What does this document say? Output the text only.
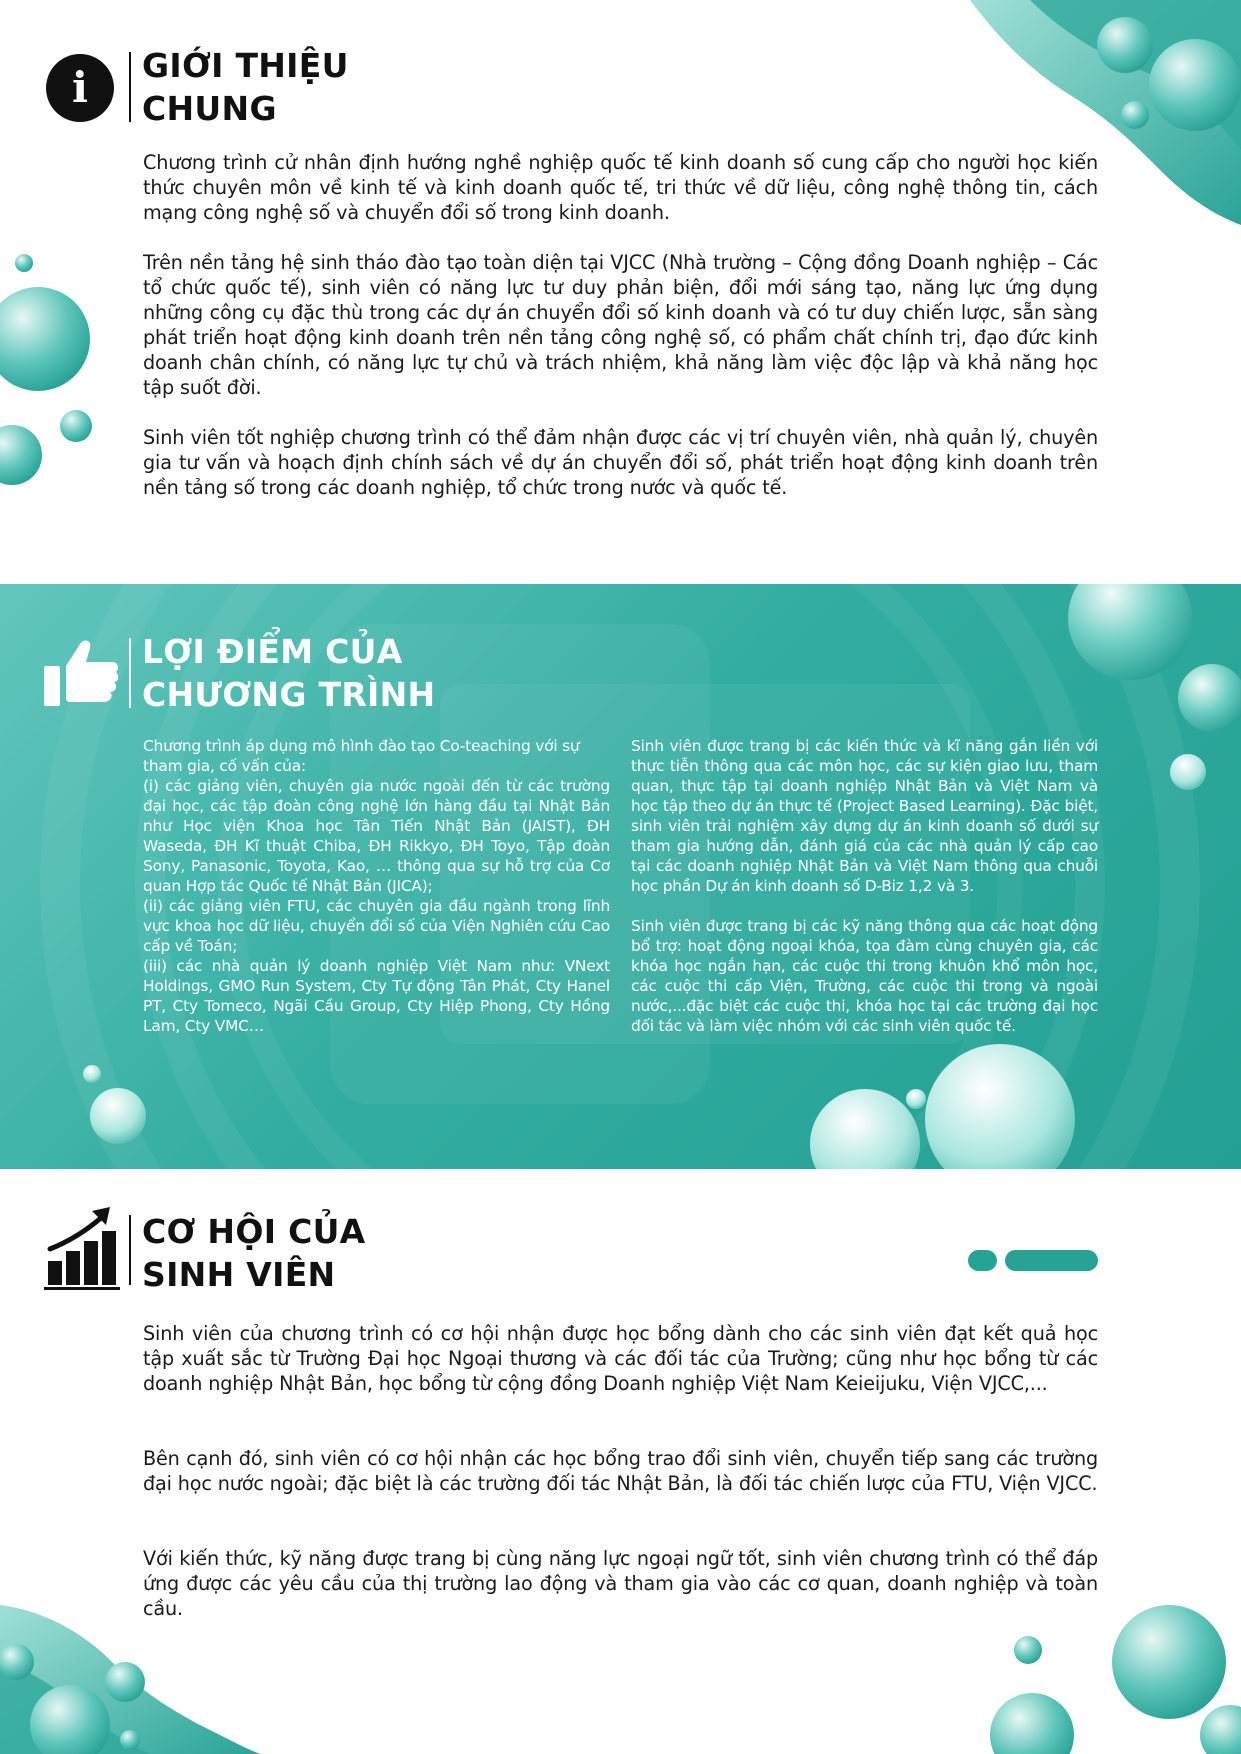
i	GIỚI THIỆU
CHUNG

Chương trình cử nhân định hướng nghề nghiệp quốc tế kinh doanh số cung cấp cho người học kiến thức chuyên môn về kinh tế và kinh doanh quốc tế, tri thức về dữ liệu, công nghệ thông tin, cách mạng công nghệ số và chuyển đổi số trong kinh doanh.

Trên nền tảng hệ sinh tháo đào tạo toàn diện tại VJCC (Nhà trường – Cộng đồng Doanh nghiệp – Các tổ chức quốc tế), sinh viên có năng lực tư duy phản biện, đổi mới sáng tạo, năng lực ứng dụng những công cụ đặc thù trong các dự án chuyển đổi số kinh doanh và có tư duy chiến lược, sẵn sàng phát triển hoạt động kinh doanh trên nền tảng công nghệ số, có phẩm chất chính trị, đạo đức kinh doanh chân chính, có năng lực tự chủ và trách nhiệm, khả năng làm việc độc lập và khả năng học tập suốt đời.

Sinh viên tốt nghiệp chương trình có thể đảm nhận được các vị trí chuyên viên, nhà quản lý, chuyên gia tư vấn và hoạch định chính sách về dự án chuyển đổi số, phát triển hoạt động kinh doanh trên nền tảng số trong các doanh nghiệp, tổ chức trong nước và quốc tế.

LỢI ĐIỂM CỦA
CHƯƠNG TRÌNH

Chương trình áp dụng mô hình đào tạo Co-teaching với sự tham gia, cố vấn của:

(i) các giảng viên, chuyên gia nước ngoài đến từ các trường đại học, các tập đoàn công nghệ lớn hàng đầu tại Nhật Bản như Học viện Khoa học Tân Tiến Nhật Bản (JAIST), ĐH Waseda, ĐH Kĩ thuật Chiba, ĐH Rikkyo, ĐH Toyo, Tập đoàn Sony, Panasonic, Toyota, Kao, … thông qua sự hỗ trợ của Cơ quan Hợp tác Quốc tế Nhật Bản (JICA);

(ii) các giảng viên FTU, các chuyên gia đầu ngành trong lĩnh vực khoa học dữ liệu, chuyển đổi số của Viện Nghiên cứu Cao cấp về Toán;

(iii) các nhà quản lý doanh nghiệp Việt Nam như: VNext Holdings, GMO Run System, Cty Tự động Tân Phát, Cty Hanel PT, Cty Tomeco, Ngãi Cầu Group, Cty Hiệp Phong, Cty Hồng Lam, Cty VMC…

Sinh viên được trang bị các kiến thức và kĩ năng gắn liền với thực tiễn thông qua các môn học, các sự kiện giao lưu, tham quan, thực tập tại doanh nghiệp Nhật Bản và Việt Nam và học tập theo dự án thực tế (Project Based Learning). Đặc biệt, sinh viên trải nghiệm xây dựng dự án kinh doanh số dưới sự tham gia hướng dẫn, đánh giá của các nhà quản lý cấp cao tại các doanh nghiệp Nhật Bản và Việt Nam thông qua chuỗi học phần Dự án kinh doanh số D-Biz 1,2 và 3.

Sinh viên được trang bị các kỹ năng thông qua các hoạt động bổ trợ: hoạt động ngoại khóa, tọa đàm cùng chuyên gia, các khóa học ngắn hạn, các cuộc thi trong khuôn khổ môn học, các cuộc thi cấp Viện, Trường, các cuộc thi trong và ngoài nước,...đặc biệt các cuộc thi, khóa học tại các trường đại học đối tác và làm việc nhóm với các sinh viên quốc tế.

CƠ HỘI CỦA
SINH VIÊN

Sinh viên của chương trình có cơ hội nhận được học bổng dành cho các sinh viên đạt kết quả học tập xuất sắc từ Trường Đại học Ngoại thương và các đối tác của Trường; cũng như học bổng từ các doanh nghiệp Nhật Bản, học bổng từ cộng đồng Doanh nghiệp Việt Nam Keieijuku, Viện VJCC,...

Bên cạnh đó, sinh viên có cơ hội nhận các học bổng trao đổi sinh viên, chuyển tiếp sang các trường đại học nước ngoài; đặc biệt là các trường đối tác Nhật Bản, là đối tác chiến lược của FTU, Viện VJCC.

Với kiến thức, kỹ năng được trang bị cùng năng lực ngoại ngữ tốt, sinh viên chương trình có thể đáp ứng được các yêu cầu của thị trường lao động và tham gia vào các cơ quan, doanh nghiệp và toàn cầu.
